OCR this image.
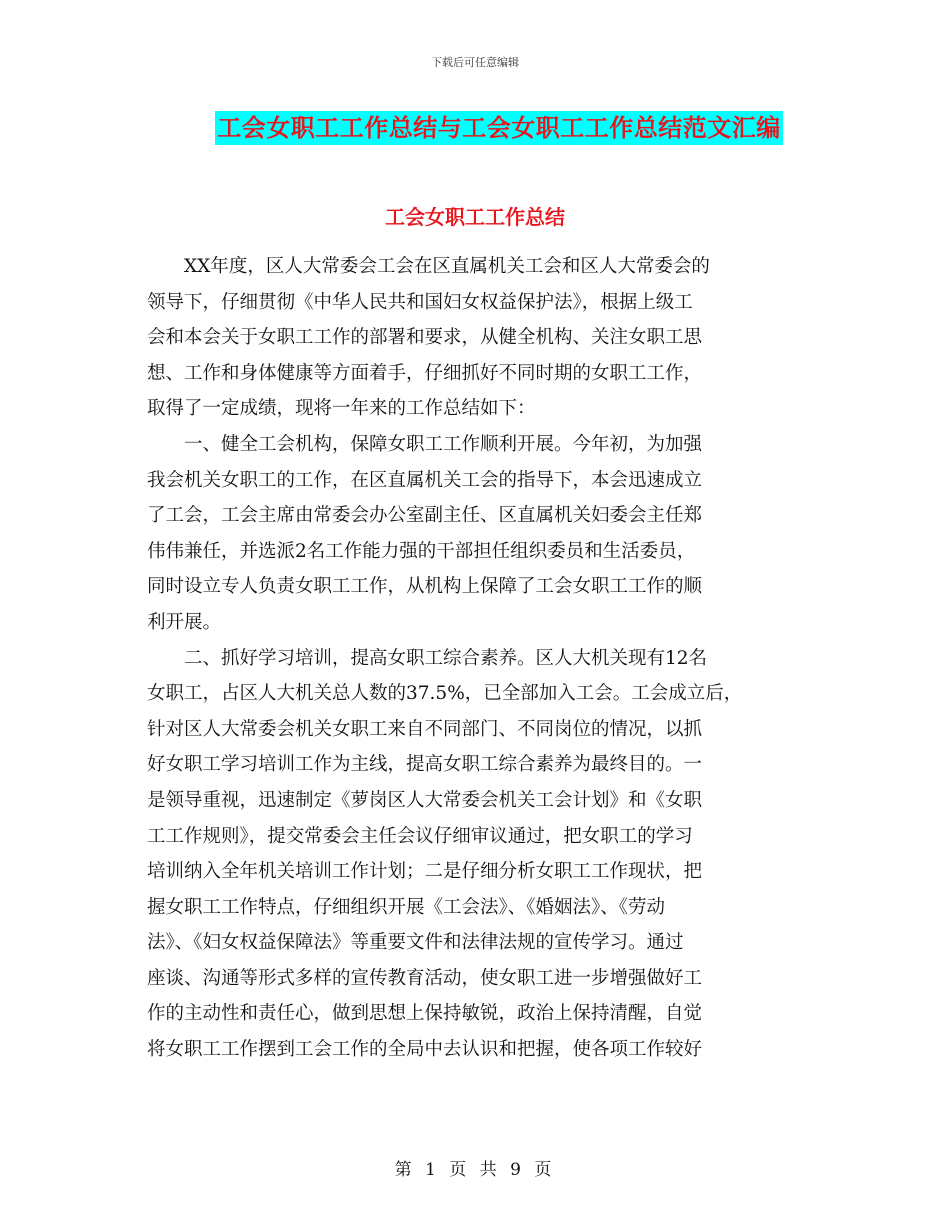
下载后可任意编辑
工会女职工工作总结与工会女职工工作总结范文汇编
工会女职工工作总结
XX年度，区人大常委会工会在区直属机关工会和区人大常委会的
领导下，仔细贯彻《中华人民共和国妇女权益保护法》，根据上级工
会和本会关于女职工工作的部署和要求，从健全机构、关注女职工思
想、工作和身体健康等方面着手，仔细抓好不同时期的女职工工作，
取得了一定成绩，现将一年来的工作总结如下：
一、健全工会机构，保障女职工工作顺利开展。今年初，为加强
我会机关女职工的工作，在区直属机关工会的指导下，本会迅速成立
了工会，工会主席由常委会办公室副主任、区直属机关妇委会主任郑
伟伟兼任，并选派2名工作能力强的干部担任组织委员和生活委员，
同时设立专人负责女职工工作，从机构上保障了工会女职工工作的顺
利开展。
二、抓好学习培训，提高女职工综合素养。区人大机关现有12名
女职工，占区人大机关总人数的37.5%，已全部加入工会。工会成立后，
针对区人大常委会机关女职工来自不同部门、不同岗位的情况，以抓
好女职工学习培训工作为主线，提高女职工综合素养为最终目的。一
是领导重视，迅速制定《萝岗区人大常委会机关工会计划》和《女职
工工作规则》，提交常委会主任会议仔细审议通过，把女职工的学习
培训纳入全年机关培训工作计划；二是仔细分析女职工工作现状，把
握女职工工作特点，仔细组织开展《工会法》、《婚姻法》、《劳动
法》、《妇女权益保障法》等重要文件和法律法规的宣传学习。通过
座谈、沟通等形式多样的宣传教育活动，使女职工进一步增强做好工
作的主动性和责任心，做到思想上保持敏锐，政治上保持清醒，自觉
将女职工工作摆到工会工作的全局中去认识和把握，使各项工作较好
第 1 页 共 9 页
